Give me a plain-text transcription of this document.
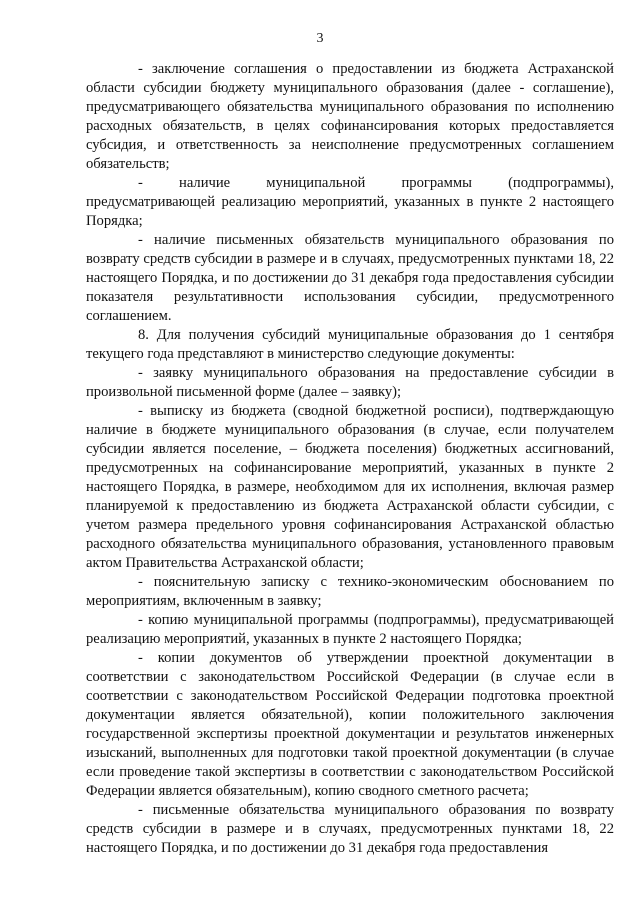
3

- заключение соглашения о предоставлении из бюджета Астраханской области субсидии бюджету муниципального образования (далее - соглашение), предусматривающего обязательства муниципального образования по исполнению расходных обязательств, в целях софинансирования которых предоставляется субсидия, и ответственность за неисполнение предусмотренных соглашением обязательств;

- наличие муниципальной программы (подпрограммы), предусматривающей реализацию мероприятий, указанных в пункте 2 настоящего Порядка;

- наличие письменных обязательств муниципального образования по возврату средств субсидии в размере и в случаях, предусмотренных пунктами 18, 22 настоящего Порядка, и по достижении до 31 декабря года предоставления субсидии показателя результативности использования субсидии, предусмотренного соглашением.

8. Для получения субсидий муниципальные образования до 1 сентября текущего года представляют в министерство следующие документы:

- заявку муниципального образования на предоставление субсидии в произвольной письменной форме (далее – заявку);

- выписку из бюджета (сводной бюджетной росписи), подтверждающую наличие в бюджете муниципального образования (в случае, если получателем субсидии является поселение, – бюджета поселения) бюджетных ассигнований, предусмотренных на софинансирование мероприятий, указанных в пункте 2 настоящего Порядка, в размере, необходимом для их исполнения, включая размер планируемой к предоставлению из бюджета Астраханской области субсидии, с учетом размера предельного уровня софинансирования Астраханской областью расходного обязательства муниципального образования, установленного правовым актом Правительства Астраханской области;

- пояснительную записку с технико-экономическим обоснованием по мероприятиям, включенным в заявку;

- копию муниципальной программы (подпрограммы), предусматривающей реализацию мероприятий, указанных в пункте 2 настоящего Порядка;

- копии документов об утверждении проектной документации в соответствии с законодательством Российской Федерации (в случае если в соответствии с законодательством Российской Федерации подготовка проектной документации является обязательной), копии положительного заключения государственной экспертизы проектной документации и результатов инженерных изысканий, выполненных для подготовки такой проектной документации (в случае если проведение такой экспертизы в соответствии с законодательством Российской Федерации является обязательным), копию сводного сметного расчета;

- письменные обязательства муниципального образования по возврату средств субсидии в размере и в случаях, предусмотренных пунктами 18, 22 настоящего Порядка, и по достижении до 31 декабря года предоставления
